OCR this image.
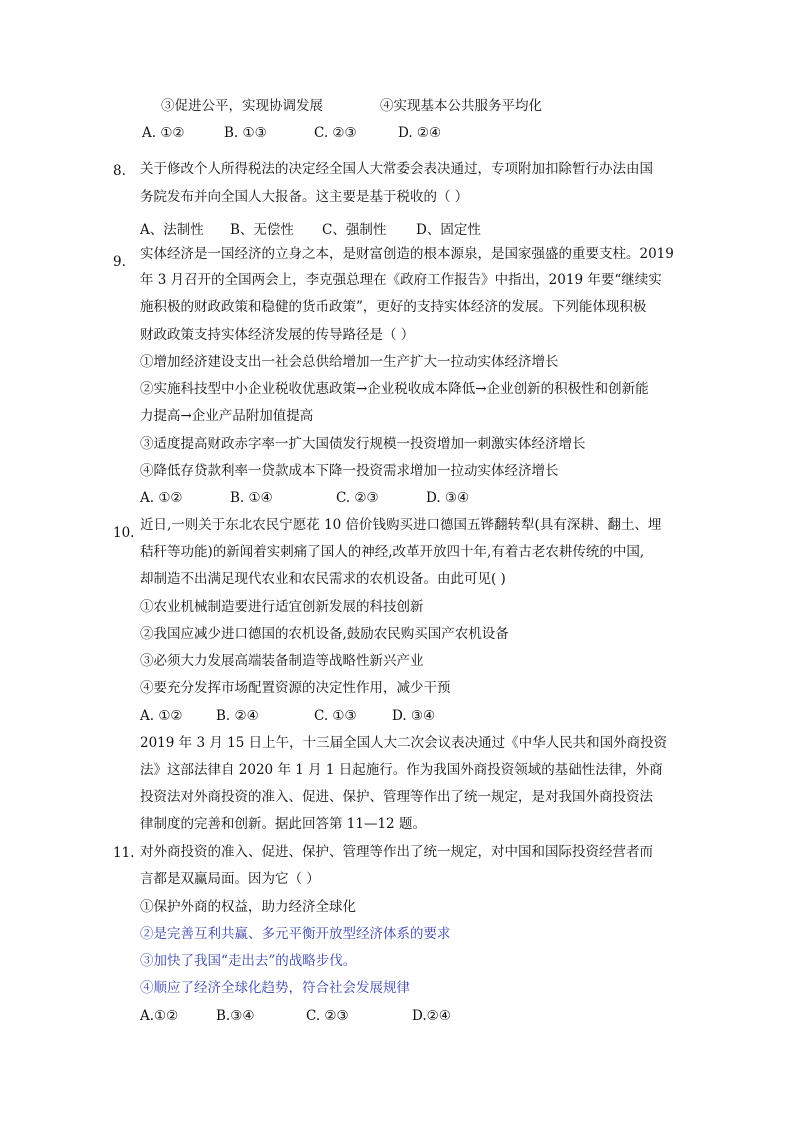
③促进公平，实现协调发展	④实现基本公共服务平均化
A. ①②	B. ①③	C. ②③	D. ②④
8. 关于修改个人所得税法的决定经全国人大常委会表决通过，专项附加扣除暂行办法由国
务院发布并向全国人大报备。这主要是基于税收的（ ）
A、法制性 B、无偿性 C、强制性 D、固定性
9. 实体经济是一国经济的立身之本，是财富创造的根本源泉，是国家强盛的重要支柱。2019
年 3 月召开的全国两会上，李克强总理在《政府工作报告》中指出，2019 年要“继续实
施积极的财政政策和稳健的货币政策”，更好的支持实体经济的发展。下列能体现积极
财政政策支持实体经济发展的传导路径是（ ）
①增加经济建设支出一社会总供给增加一生产扩大一拉动实体经济增长
②实施科技型中小企业税收优惠政策→企业税收成本降低→企业创新的积极性和创新能
力提高→企业产品附加值提高
③适度提高财政赤字率一扩大国债发行规模一投资增加一刺激实体经济增长
④降低存贷款利率一贷款成本下降一投资需求增加一拉动实体经济增长
A. ①②	B. ①④	C. ②③	D. ③④
10. 近日,一则关于东北农民宁愿花 10 倍价钱购买进口德国五铧翻转犁(具有深耕、翻土、埋
秸秆等功能)的新闻着实刺痛了国人的神经,改革开放四十年,有着古老农耕传统的中国,
却制造不出满足现代农业和农民需求的农机设备。由此可见( )
①农业机械制造要进行适宜创新发展的科技创新
②我国应减少进口德国的农机设备,鼓励农民购买国产农机设备
③必须大力发展高端装备制造等战略性新兴产业
④要充分发挥市场配置资源的决定性作用，减少干预
A. ①② B. ②④	C. ①③	D. ③④
2019 年 3 月 15 日上午，十三届全国人大二次会议表决通过《中华人民共和国外商投资
法》这部法律自 2020 年 1 月 1 日起施行。作为我国外商投资领域的基础性法律，外商
投资法对外商投资的准入、促进、保护、管理等作出了统一规定，是对我国外商投资法
律制度的完善和创新。据此回答第 11—12 题。
11. 对外商投资的准入、促进、保护、管理等作出了统一规定，对中国和国际投资经营者而
言都是双赢局面。因为它（ ）
①保护外商的权益，助力经济全球化
②是完善互利共赢、多元平衡开放型经济体系的要求
③加快了我国“走出去”的战略步伐。
④顺应了经济全球化趋势，符合社会发展规律
A.①②	B.③④	C. ②③	D.②④
